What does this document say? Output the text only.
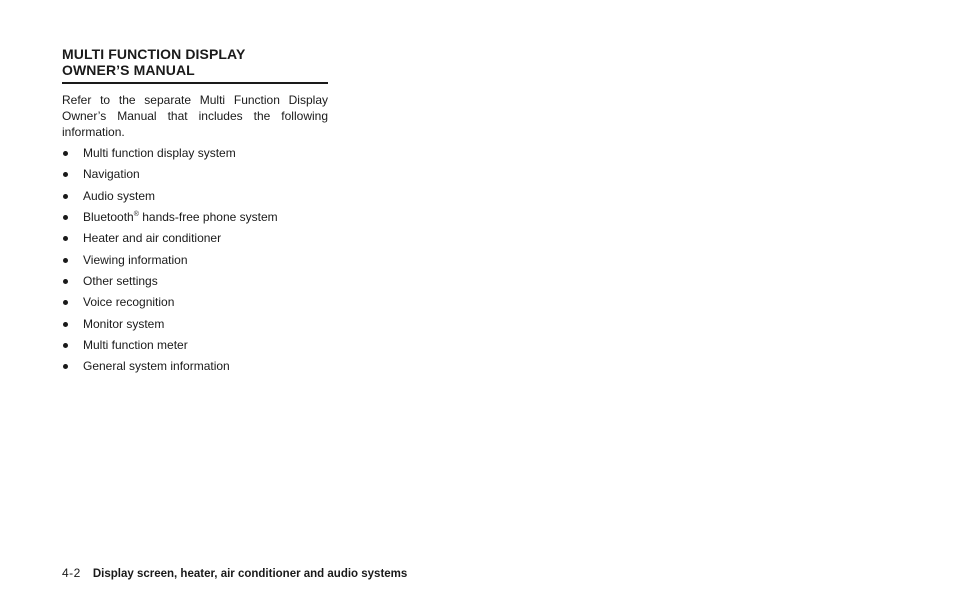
MULTI FUNCTION DISPLAY
OWNER’S MANUAL

Refer to the separate Multi Function Display Owner’s Manual that includes the following information.

Multi function display system
Navigation
Audio system
Bluetooth® hands-free phone system
Heater and air conditioner
Viewing information
Other settings
Voice recognition
Monitor system
Multi function meter
General system information
4-2 Display screen, heater, air conditioner and audio systems
